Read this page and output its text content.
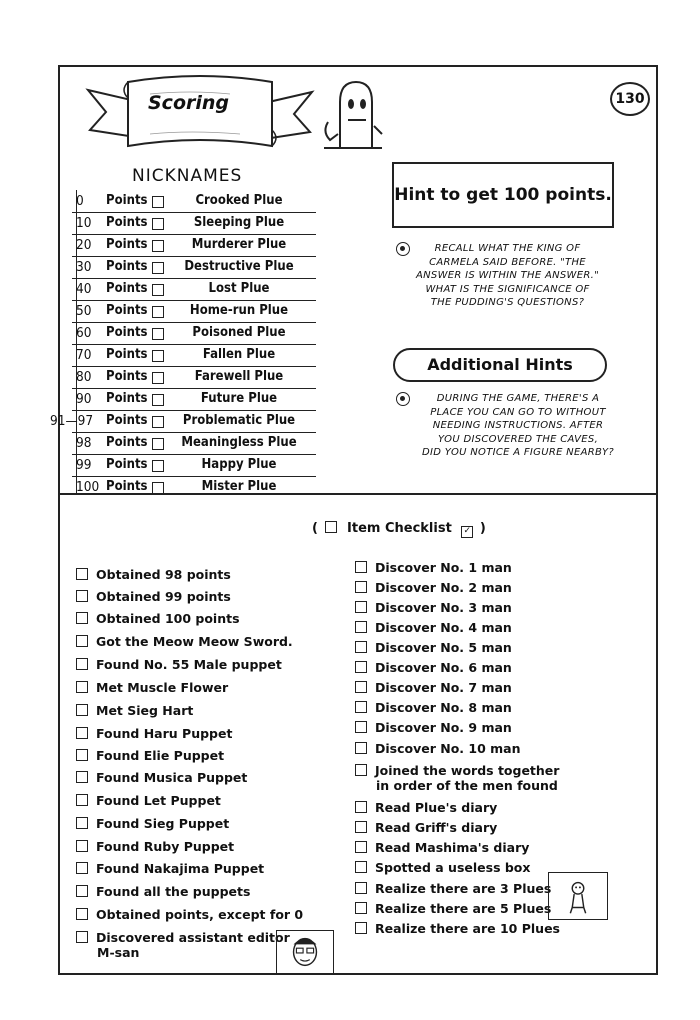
Scoring	130
NICKNAMES
0	Points	Crooked Plue
10	Points	Sleeping Plue
20	Points	Murderer Plue
30	Points	Destructive Plue
40	Points	Lost Plue
50	Points	Home-run Plue
60	Points	Poisoned Plue
70	Points	Fallen Plue
80	Points	Farewell Plue
90	Points	Future Plue
91—97 Points	Problematic Plue
98	Points	Meaningless Plue
99	Points	Happy Plue
100 Points	Mister Plue
Hint to get 100 points.
RECALL WHAT THE KING OF
CARMELA SAID BEFORE. "THE
ANSWER IS WITHIN THE ANSWER."
WHAT IS THE SIGNIFICANCE OF
THE PUDDING'S QUESTIONS?
Additional Hints
DURING THE GAME, THERE'S A
PLACE YOU CAN GO TO WITHOUT
NEEDING INSTRUCTIONS. AFTER
YOU DISCOVERED THE CAVES,
DID YOU NOTICE A FIGURE NEARBY?
( Item Checklist ✓ )
Obtained 98 points
Obtained 99 points
Obtained 100 points
Got the Meow Meow Sword.
Found No. 55 Male puppet
Met Muscle Flower
Met Sieg Hart
Found Haru Puppet
Found Elie Puppet
Found Musica Puppet
Found Let Puppet
Found Sieg Puppet
Found Ruby Puppet
Found Nakajima Puppet
Found all the puppets
Obtained points, except for 0
Discovered assistant editor
M-san
Discover No. 1 man
Discover No. 2 man
Discover No. 3 man
Discover No. 4 man
Discover No. 5 man
Discover No. 6 man
Discover No. 7 man
Discover No. 8 man
Discover No. 9 man
Discover No. 10 man
Joined the words together
in order of the men found
Read Plue's diary
Read Griff's diary
Read Mashima's diary
Spotted a useless box
Realize there are 3 Plues
Realize there are 5 Plues
Realize there are 10 Plues
